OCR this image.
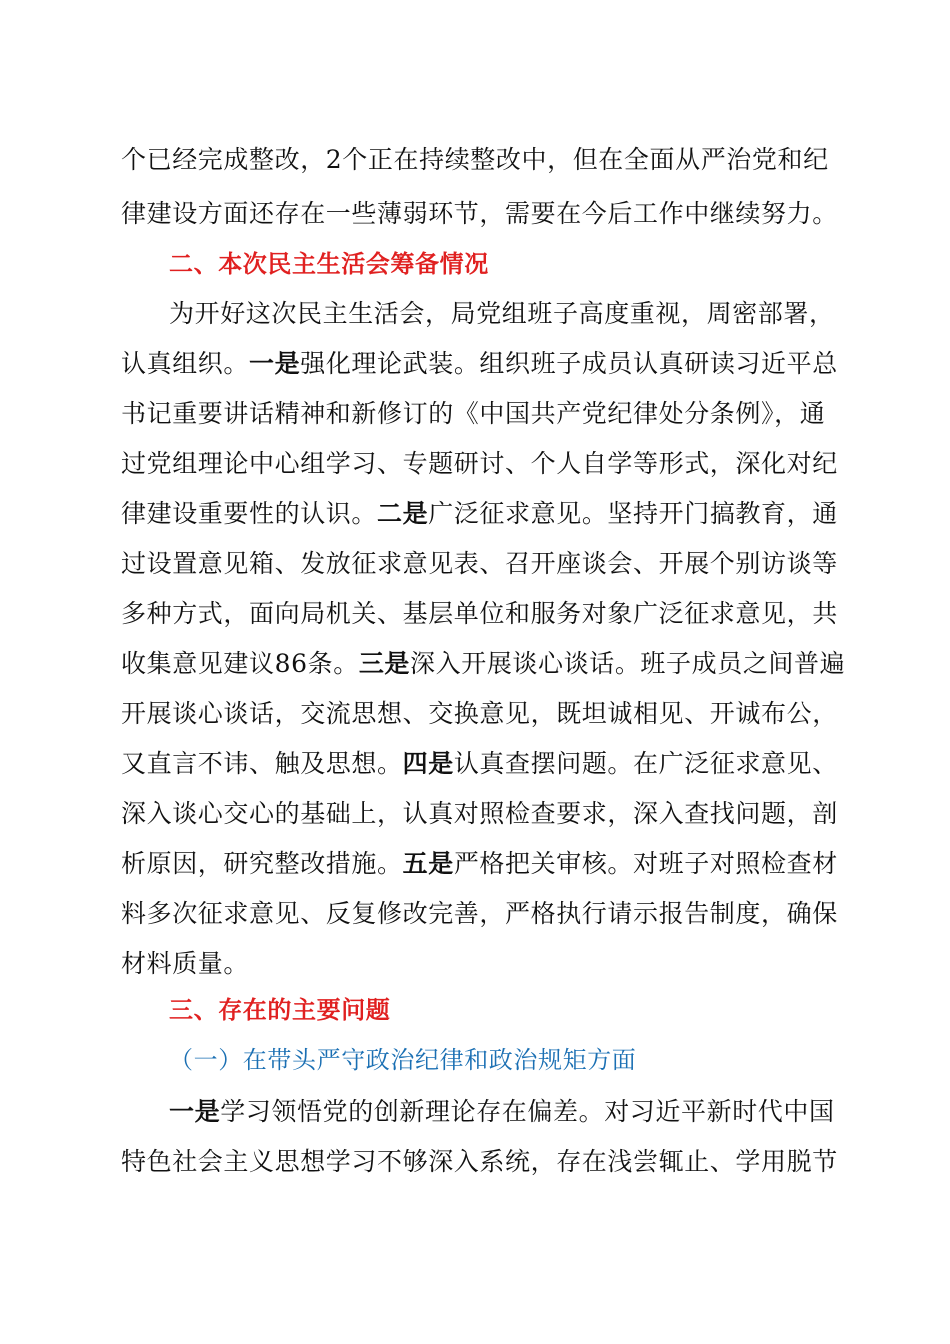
个已经完成整改，2个正在持续整改中，但在全面从严治党和纪
律建设方面还存在一些薄弱环节，需要在今后工作中继续努力。
二、本次民主生活会筹备情况
为开好这次民主生活会，局党组班子高度重视，周密部署，
认真组织。一是强化理论武装。组织班子成员认真研读习近平总
书记重要讲话精神和新修订的《中国共产党纪律处分条例》，通
过党组理论中心组学习、专题研讨、个人自学等形式，深化对纪
律建设重要性的认识。二是广泛征求意见。坚持开门搞教育，通
过设置意见箱、发放征求意见表、召开座谈会、开展个别访谈等
多种方式，面向局机关、基层单位和服务对象广泛征求意见，共
收集意见建议86条。三是深入开展谈心谈话。班子成员之间普遍
开展谈心谈话，交流思想、交换意见，既坦诚相见、开诚布公，
又直言不讳、触及思想。四是认真查摆问题。在广泛征求意见、
深入谈心交心的基础上，认真对照检查要求，深入查找问题，剖
析原因，研究整改措施。五是严格把关审核。对班子对照检查材
料多次征求意见、反复修改完善，严格执行请示报告制度，确保
材料质量。
三、存在的主要问题
（一）在带头严守政治纪律和政治规矩方面
一是学习领悟党的创新理论存在偏差。对习近平新时代中国
特色社会主义思想学习不够深入系统，存在浅尝辄止、学用脱节
